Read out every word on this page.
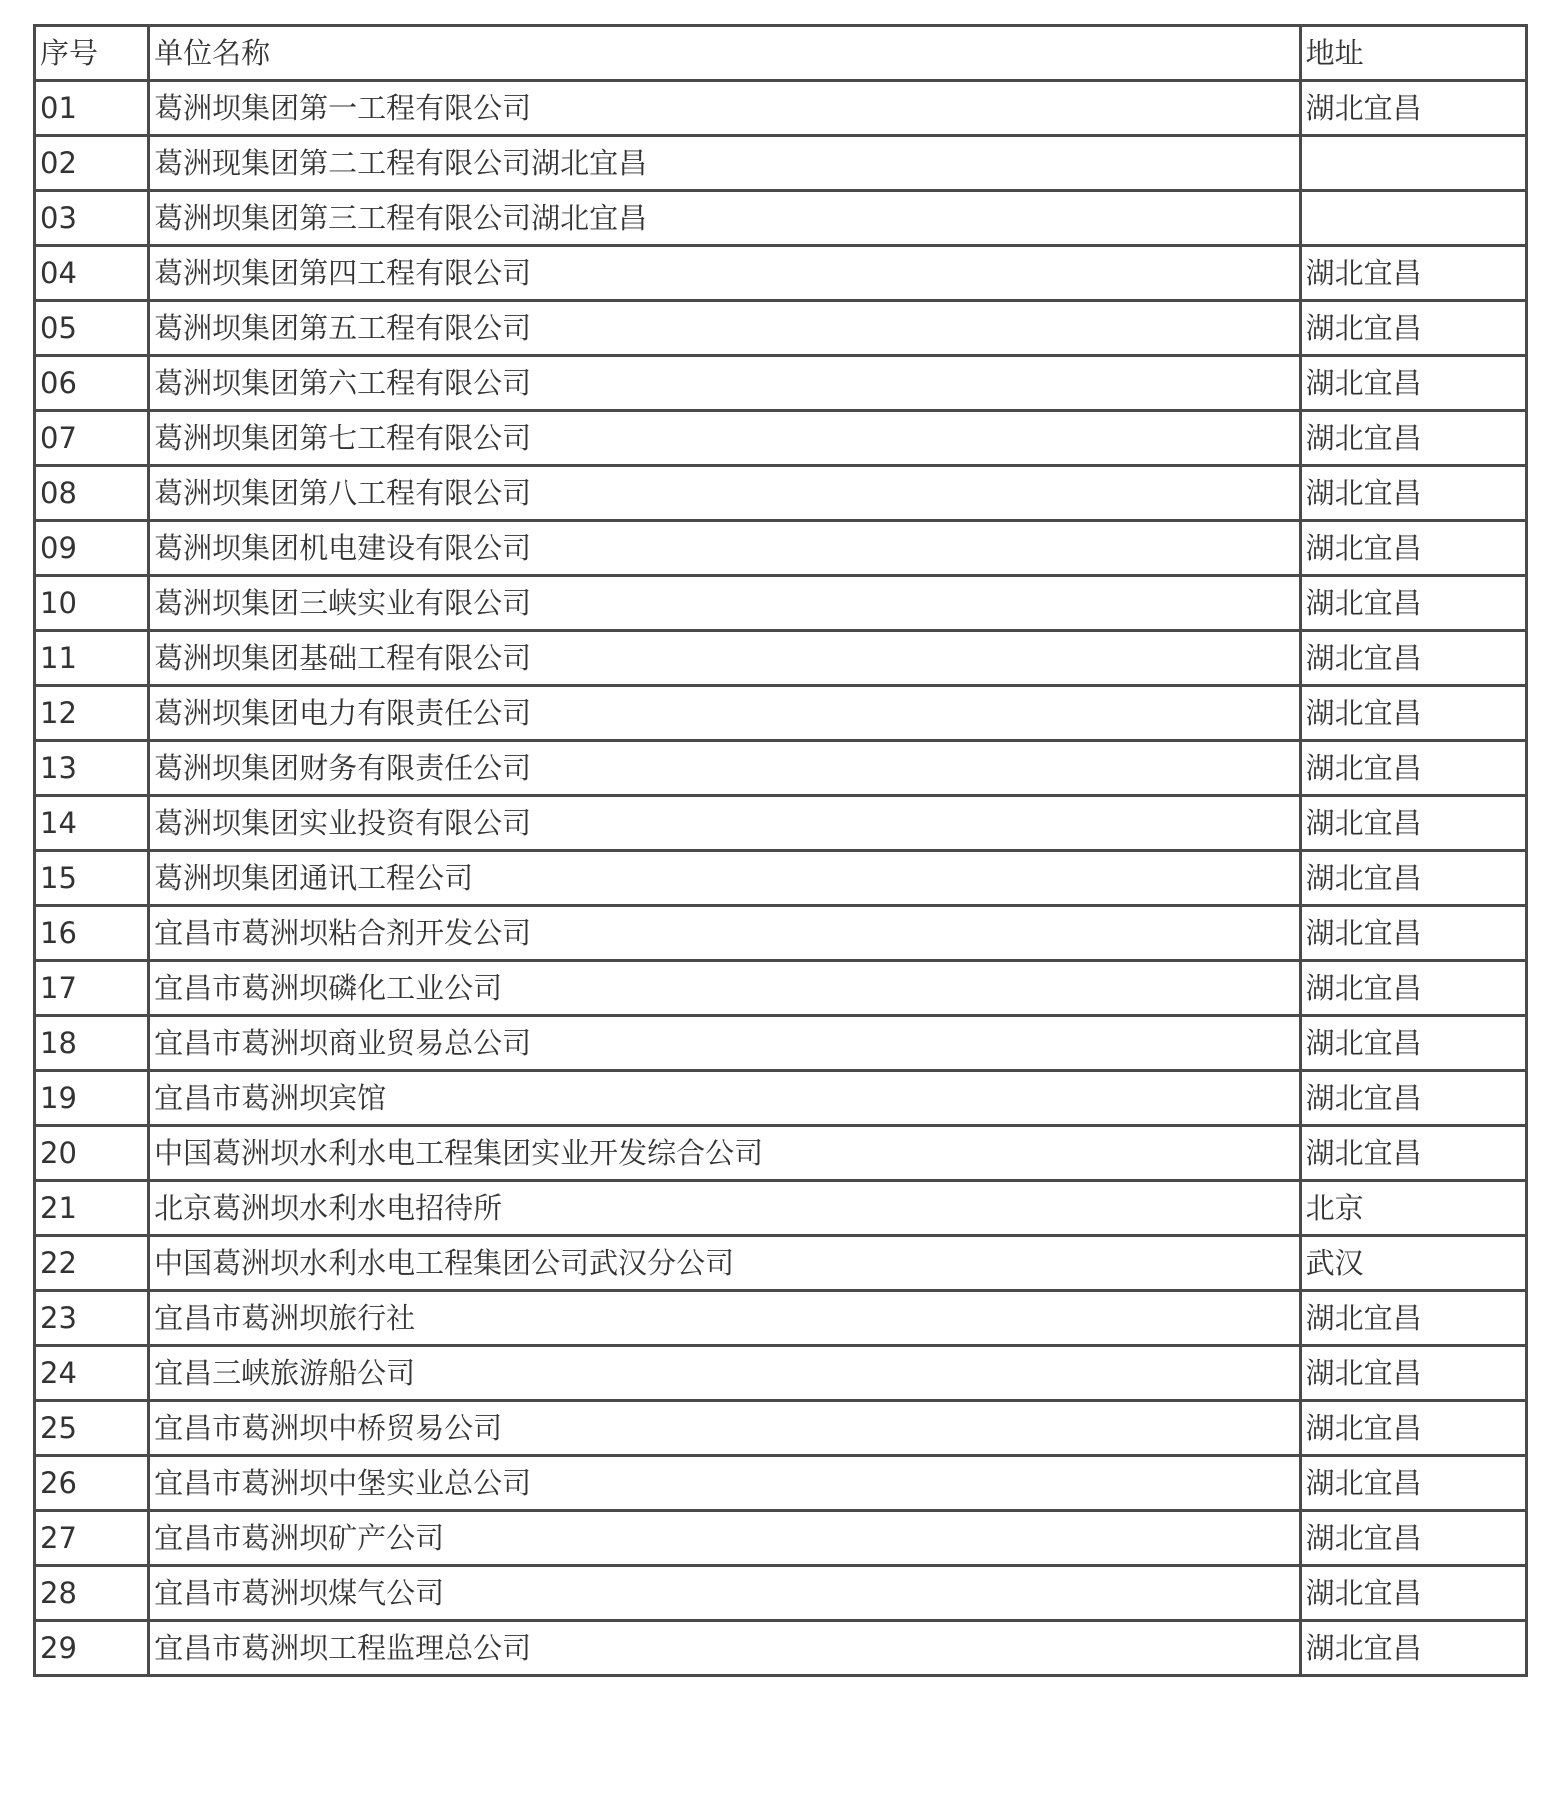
序号	单位名称	地址
01	葛洲坝集团第一工程有限公司	湖北宜昌
02	葛洲现集团第二工程有限公司湖北宜昌	
03	葛洲坝集团第三工程有限公司湖北宜昌	
04	葛洲坝集团第四工程有限公司	湖北宜昌
05	葛洲坝集团第五工程有限公司	湖北宜昌
06	葛洲坝集团第六工程有限公司	湖北宜昌
07	葛洲坝集团第七工程有限公司	湖北宜昌
08	葛洲坝集团第八工程有限公司	湖北宜昌
09	葛洲坝集团机电建设有限公司	湖北宜昌
10	葛洲坝集团三峡实业有限公司	湖北宜昌
11	葛洲坝集团基础工程有限公司	湖北宜昌
12	葛洲坝集团电力有限责任公司	湖北宜昌
13	葛洲坝集团财务有限责任公司	湖北宜昌
14	葛洲坝集团实业投资有限公司	湖北宜昌
15	葛洲坝集团通讯工程公司	湖北宜昌
16	宜昌市葛洲坝粘合剂开发公司	湖北宜昌
17	宜昌市葛洲坝磷化工业公司	湖北宜昌
18	宜昌市葛洲坝商业贸易总公司	湖北宜昌
19	宜昌市葛洲坝宾馆	湖北宜昌
20	中国葛洲坝水利水电工程集团实业开发综合公司	湖北宜昌
21	北京葛洲坝水利水电招待所	北京
22	中国葛洲坝水利水电工程集团公司武汉分公司	武汉
23	宜昌市葛洲坝旅行社	湖北宜昌
24	宜昌三峡旅游船公司	湖北宜昌
25	宜昌市葛洲坝中桥贸易公司	湖北宜昌
26	宜昌市葛洲坝中堡实业总公司	湖北宜昌
27	宜昌市葛洲坝矿产公司	湖北宜昌
28	宜昌市葛洲坝煤气公司	湖北宜昌
29	宜昌市葛洲坝工程监理总公司	湖北宜昌
